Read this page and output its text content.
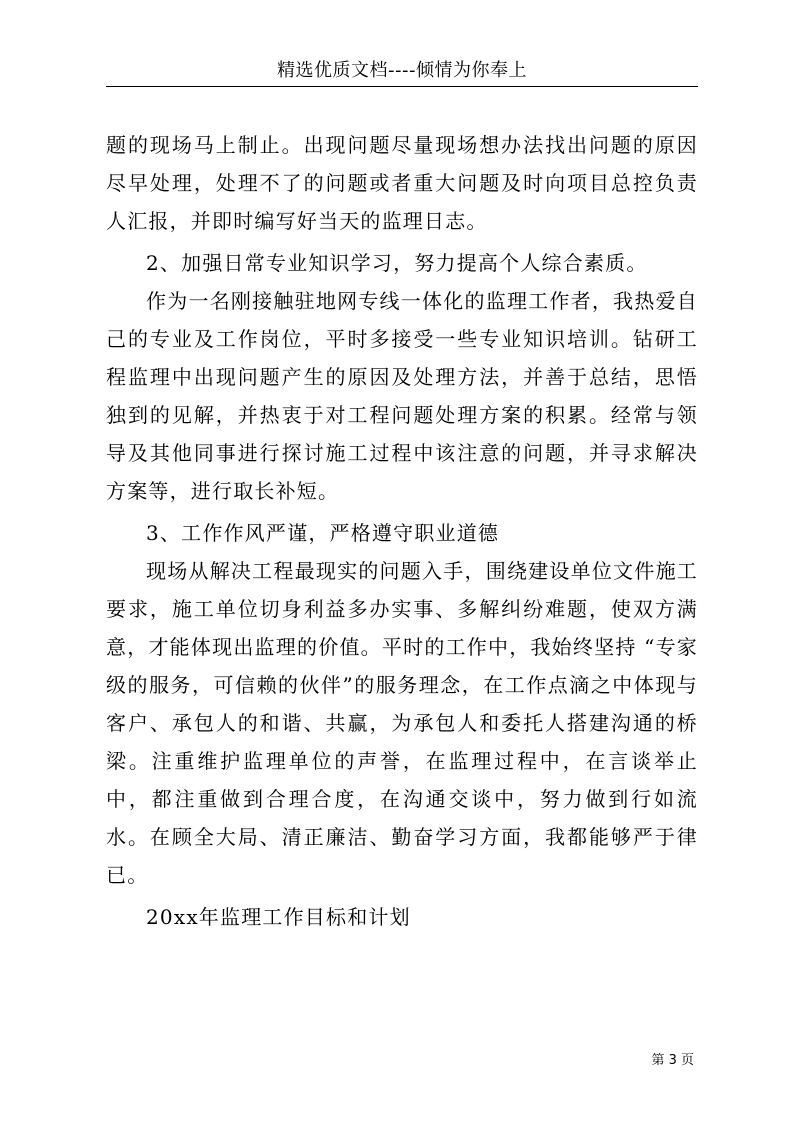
精选优质文档----倾情为你奉上

题的现场马上制止。出现问题尽量现场想办法找出问题的原因尽早处理，处理不了的问题或者重大问题及时向项目总控负责人汇报，并即时编写好当天的监理日志。

2、加强日常专业知识学习，努力提高个人综合素质。

作为一名刚接触驻地网专线一体化的监理工作者，我热爱自己的专业及工作岗位，平时多接受一些专业知识培训。钻研工程监理中出现问题产生的原因及处理方法，并善于总结，思悟独到的见解，并热衷于对工程问题处理方案的积累。经常与领导及其他同事进行探讨施工过程中该注意的问题，并寻求解决方案等，进行取长补短。

3、工作作风严谨，严格遵守职业道德

现场从解决工程最现实的问题入手，围绕建设单位文件施工要求，施工单位切身利益多办实事、多解纠纷难题，使双方满意，才能体现出监理的价值。平时的工作中，我始终坚持 “专家级的服务，可信赖的伙伴”的服务理念，在工作点滴之中体现与客户、承包人的和谐、共赢，为承包人和委托人搭建沟通的桥梁。注重维护监理单位的声誉，在监理过程中，在言谈举止中，都注重做到合理合度，在沟通交谈中，努力做到行如流水。在顾全大局、清正廉洁、勤奋学习方面，我都能够严于律已。

20xx年监理工作目标和计划

第 3 页
